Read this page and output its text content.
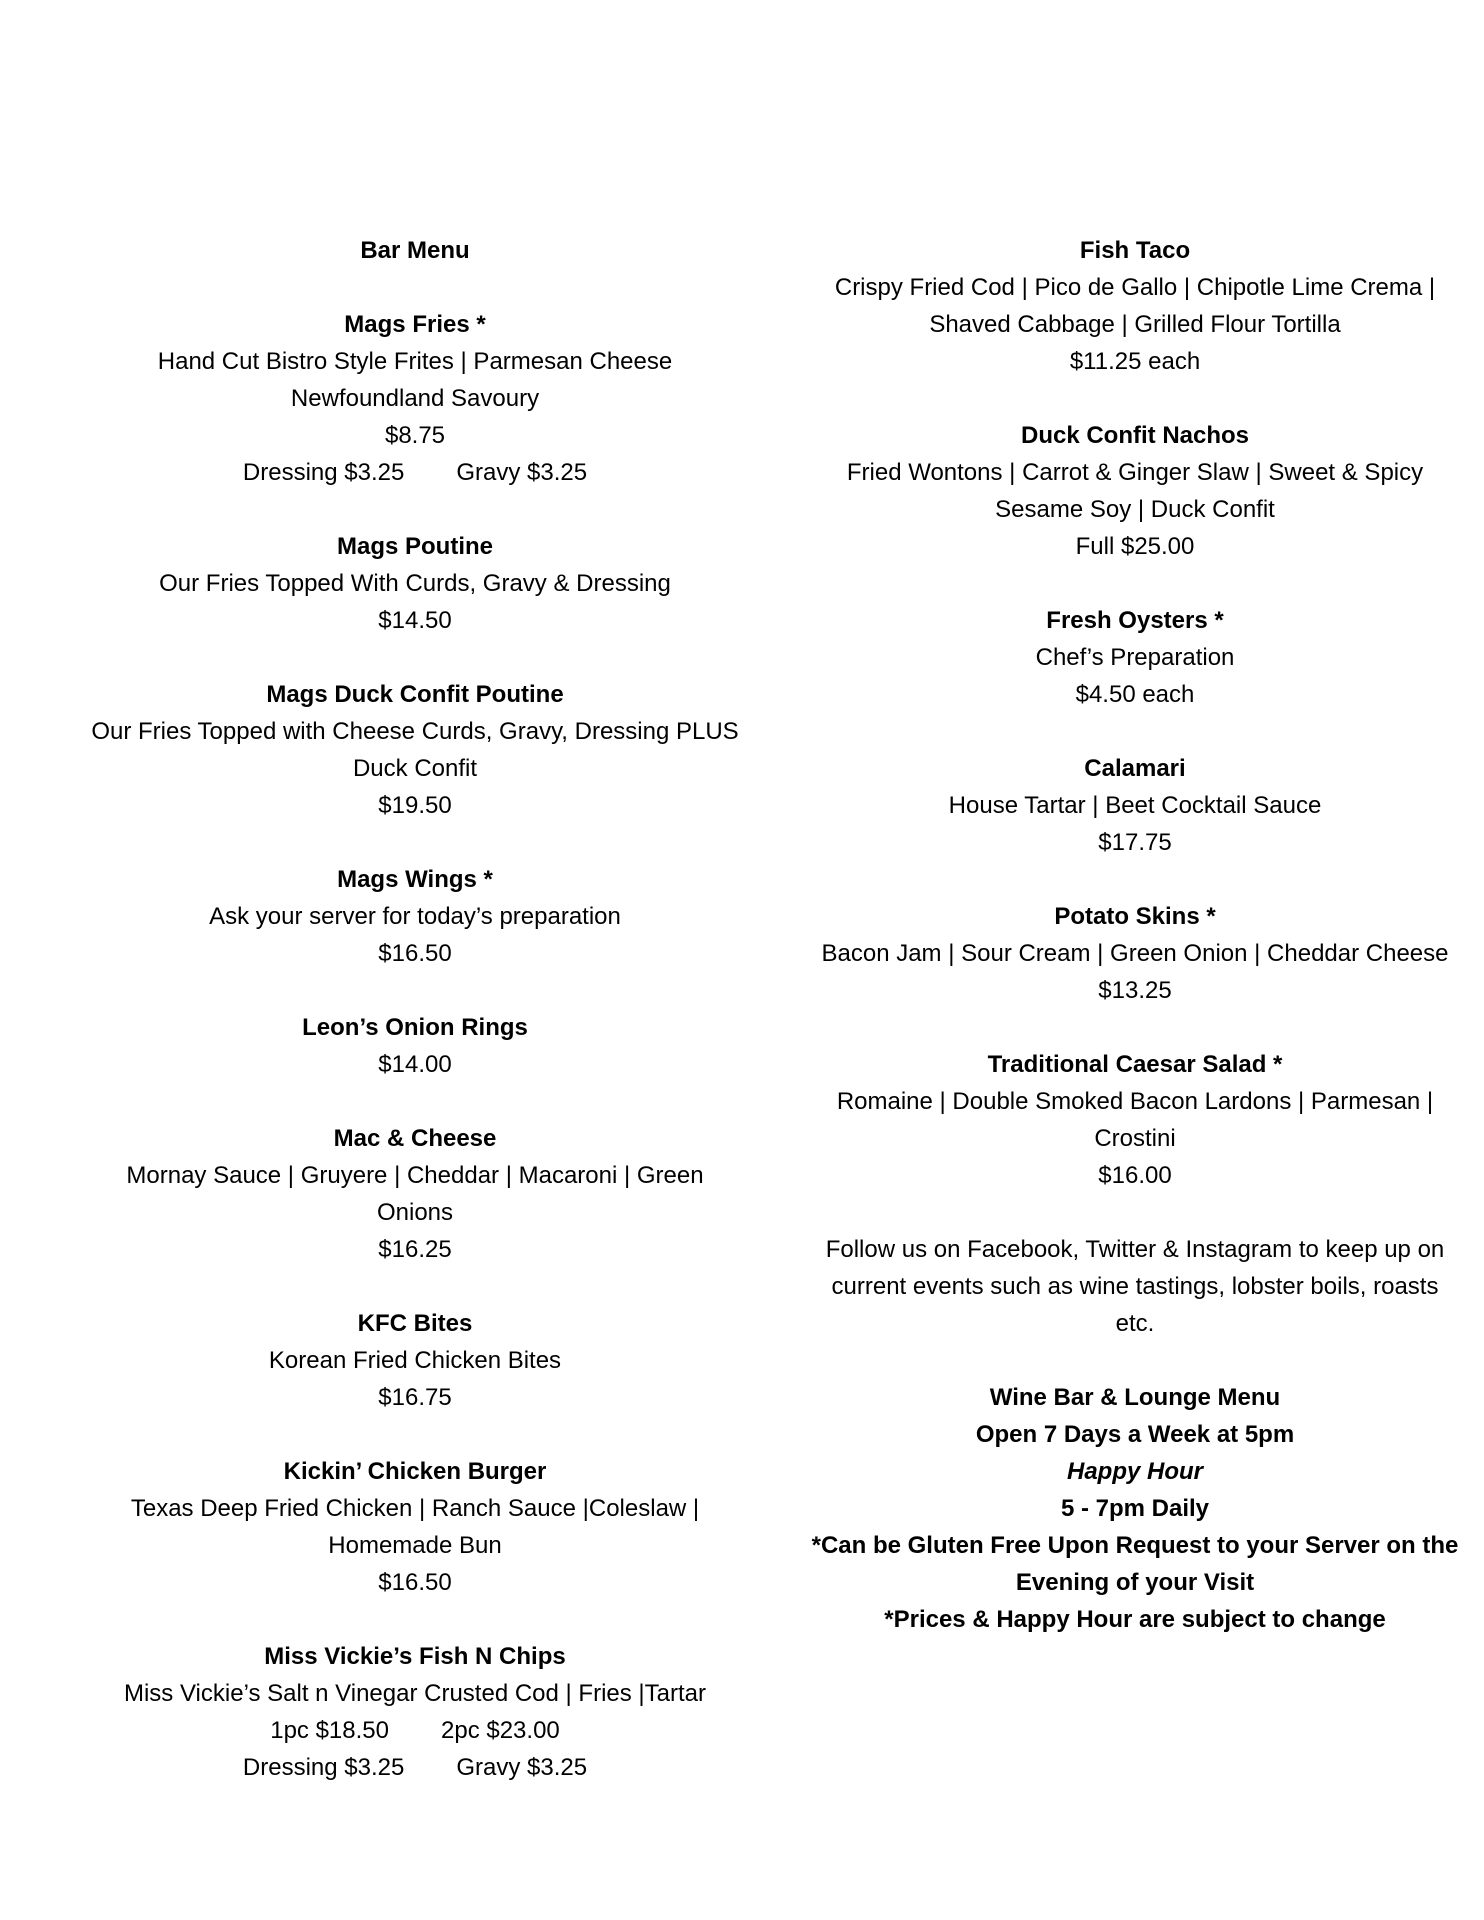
Bar Menu
Mags Fries *
Hand Cut Bistro Style Frites | Parmesan Cheese
Newfoundland Savoury
$8.75
Dressing $3.25 Gravy $3.25
Mags Poutine
Our Fries Topped With Curds, Gravy & Dressing
$14.50
Mags Duck Confit Poutine
Our Fries Topped with Cheese Curds, Gravy, Dressing PLUS
Duck Confit
$19.50
Mags Wings *
Ask your server for today’s preparation
$16.50
Leon’s Onion Rings
$14.00
Mac & Cheese
Mornay Sauce | Gruyere | Cheddar | Macaroni | Green
Onions
$16.25
KFC Bites
Korean Fried Chicken Bites
$16.75
Kickin’ Chicken Burger
Texas Deep Fried Chicken | Ranch Sauce |Coleslaw |
Homemade Bun
$16.50
Miss Vickie’s Fish N Chips
Miss Vickie’s Salt n Vinegar Crusted Cod | Fries |Tartar
1pc $18.50 2pc $23.00
Dressing $3.25 Gravy $3.25
Fish Taco
Crispy Fried Cod | Pico de Gallo | Chipotle Lime Crema |
Shaved Cabbage | Grilled Flour Tortilla
$11.25 each
Duck Confit Nachos
Fried Wontons | Carrot & Ginger Slaw | Sweet & Spicy
Sesame Soy | Duck Confit
Full $25.00
Fresh Oysters *
Chef’s Preparation
$4.50 each
Calamari
House Tartar | Beet Cocktail Sauce
$17.75
Potato Skins *
Bacon Jam | Sour Cream | Green Onion | Cheddar Cheese
$13.25
Traditional Caesar Salad *
Romaine | Double Smoked Bacon Lardons | Parmesan |
Crostini
$16.00
Follow us on Facebook, Twitter & Instagram to keep up on
current events such as wine tastings, lobster boils, roasts
etc.
Wine Bar & Lounge Menu
Open 7 Days a Week at 5pm
Happy Hour
5 - 7pm Daily
*Can be Gluten Free Upon Request to your Server on the
Evening of your Visit
*Prices & Happy Hour are subject to change
